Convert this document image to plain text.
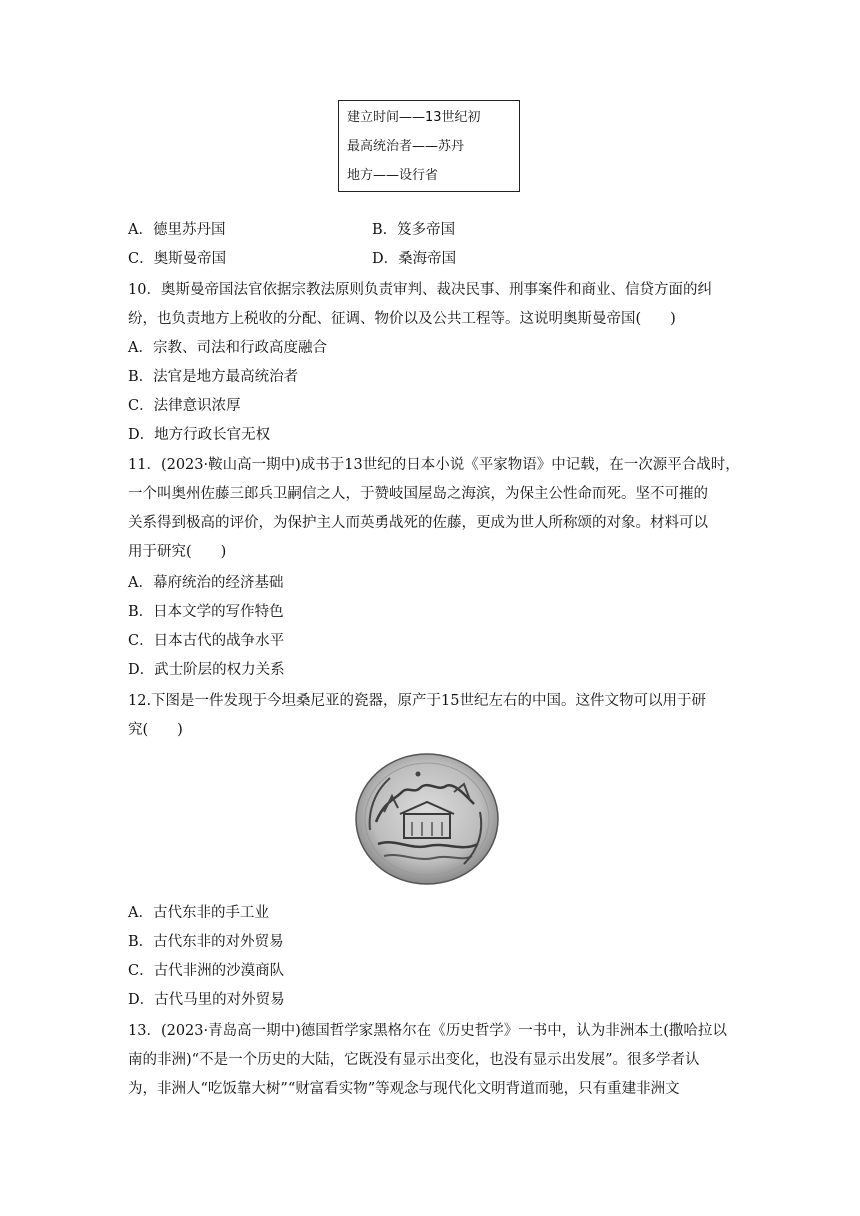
建立时间——13世纪初
最高统治者——苏丹
地方——设行省
A．德里苏丹国	B．笈多帝国
C．奥斯曼帝国	D．桑海帝国
10．奥斯曼帝国法官依据宗教法原则负责审判、裁决民事、刑事案件和商业、信贷方面的纠
纷，也负责地方上税收的分配、征调、物价以及公共工程等。这说明奥斯曼帝国(　　)
A．宗教、司法和行政高度融合
B．法官是地方最高统治者
C．法律意识浓厚
D．地方行政长官无权
11．(2023·鞍山高一期中)成书于13世纪的日本小说《平家物语》中记载，在一次源平合战时，
一个叫奥州佐藤三郎兵卫嗣信之人，于赞岐国屋岛之海滨，为保主公性命而死。坚不可摧的
关系得到极高的评价，为保护主人而英勇战死的佐藤，更成为世人所称颂的对象。材料可以
用于研究(　　)
A．幕府统治的经济基础
B．日本文学的写作特色
C．日本古代的战争水平
D．武士阶层的权力关系
12.下图是一件发现于今坦桑尼亚的瓷器，原产于15世纪左右的中国。这件文物可以用于研
究(　　)
A．古代东非的手工业
B．古代东非的对外贸易
C．古代非洲的沙漠商队
D．古代马里的对外贸易
13．(2023·青岛高一期中)德国哲学家黑格尔在《历史哲学》一书中，认为非洲本土(撒哈拉以
南的非洲)“不是一个历史的大陆，它既没有显示出变化，也没有显示出发展”。很多学者认
为，非洲人“吃饭靠大树”“财富看实物”等观念与现代化文明背道而驰，只有重建非洲文
